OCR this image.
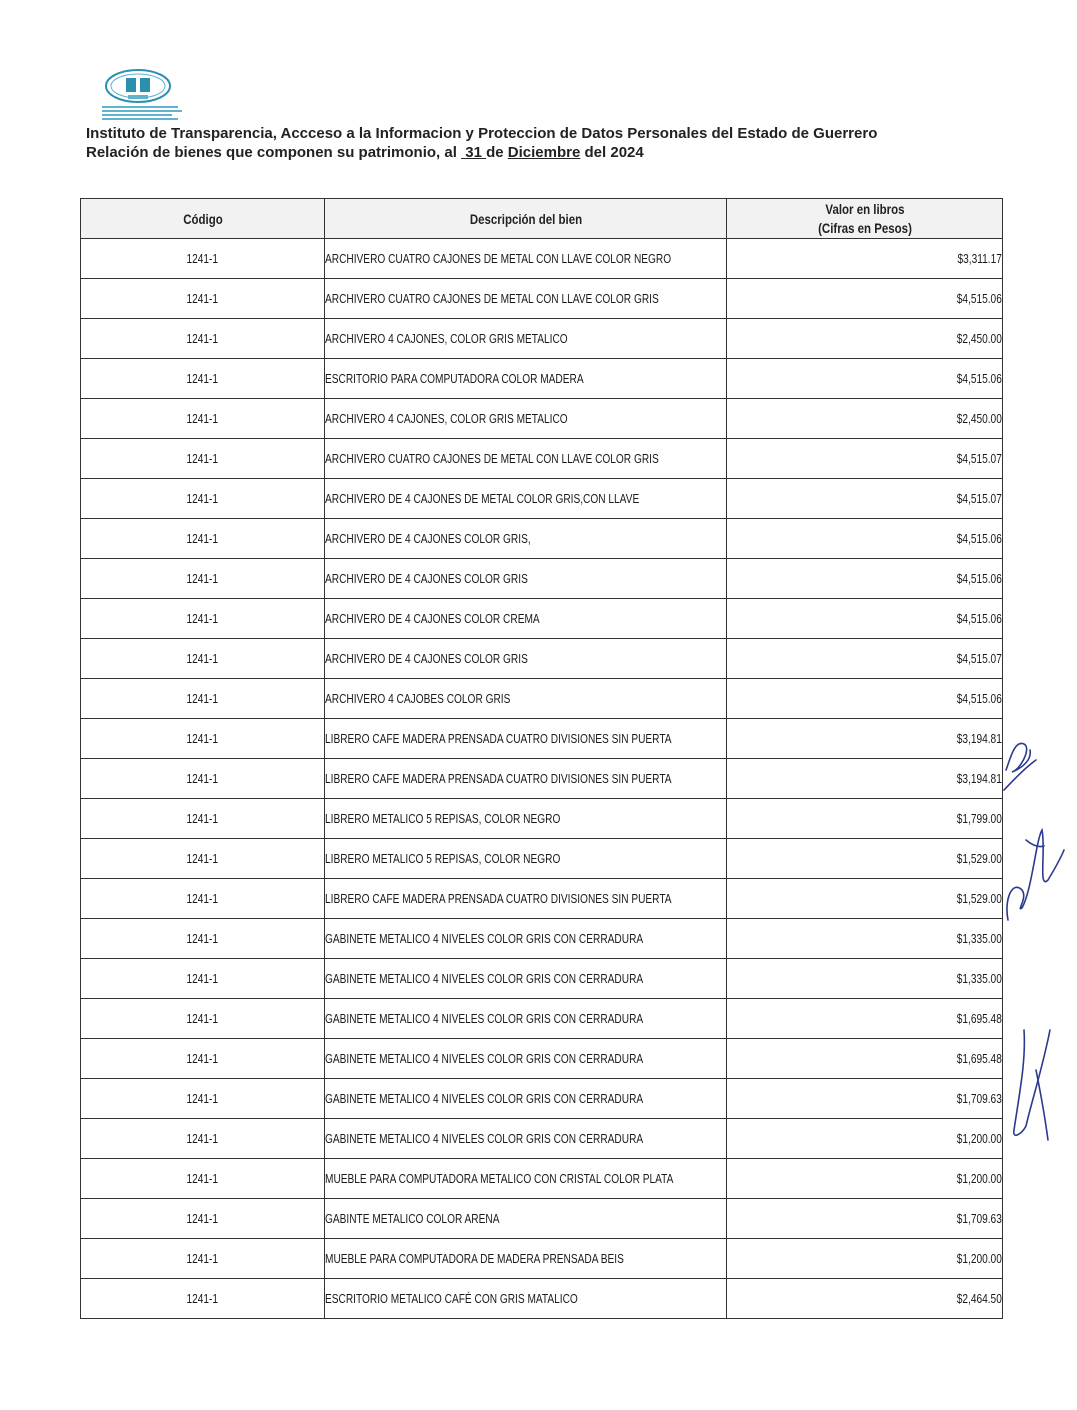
Instituto de Transparencia, Accceso a la Informacion y Proteccion de Datos Personales del Estado de Guerrero
Relación de bienes que componen su patrimonio, al 31 de Diciembre del 2024
Código	Descripción del bien	Valor en libros
(Cifras en Pesos)

1241-1	ARCHIVERO CUATRO CAJONES DE METAL CON LLAVE COLOR NEGRO	$3,311.17
1241-1	ARCHIVERO CUATRO CAJONES DE METAL CON LLAVE COLOR GRIS	$4,515.06
1241-1	ARCHIVERO 4 CAJONES, COLOR GRIS METALICO	$2,450.00
1241-1	ESCRITORIO PARA COMPUTADORA COLOR MADERA	$4,515.06
1241-1	ARCHIVERO 4 CAJONES, COLOR GRIS METALICO	$2,450.00
1241-1	ARCHIVERO CUATRO CAJONES DE METAL CON LLAVE COLOR GRIS	$4,515.07
1241-1	ARCHIVERO DE 4 CAJONES DE METAL COLOR GRIS,CON LLAVE	$4,515.07
1241-1	ARCHIVERO DE 4 CAJONES COLOR GRIS,	$4,515.06
1241-1	ARCHIVERO DE 4 CAJONES COLOR GRIS	$4,515.06
1241-1	ARCHIVERO DE 4 CAJONES COLOR CREMA	$4,515.06
1241-1	ARCHIVERO DE 4 CAJONES COLOR GRIS	$4,515.07
1241-1	ARCHIVERO 4 CAJOBES COLOR GRIS	$4,515.06
1241-1	LIBRERO CAFE MADERA PRENSADA CUATRO DIVISIONES SIN PUERTA	$3,194.81
1241-1	LIBRERO CAFE MADERA PRENSADA CUATRO DIVISIONES SIN PUERTA	$3,194.81
1241-1	LIBRERO METALICO 5 REPISAS, COLOR NEGRO	$1,799.00
1241-1	LIBRERO METALICO 5 REPISAS, COLOR NEGRO	$1,529.00
1241-1	LIBRERO CAFE MADERA PRENSADA CUATRO DIVISIONES SIN PUERTA	$1,529.00
1241-1	GABINETE METALICO 4 NIVELES COLOR GRIS CON CERRADURA	$1,335.00
1241-1	GABINETE METALICO 4 NIVELES COLOR GRIS CON CERRADURA	$1,335.00
1241-1	GABINETE METALICO 4 NIVELES COLOR GRIS CON CERRADURA	$1,695.48
1241-1	GABINETE METALICO 4 NIVELES COLOR GRIS CON CERRADURA	$1,695.48
1241-1	GABINETE METALICO 4 NIVELES COLOR GRIS CON CERRADURA	$1,709.63
1241-1	GABINETE METALICO 4 NIVELES COLOR GRIS CON CERRADURA	$1,200.00
1241-1	MUEBLE PARA COMPUTADORA METALICO CON CRISTAL COLOR PLATA	$1,200.00
1241-1	GABINTE METALICO COLOR ARENA	$1,709.63
1241-1	MUEBLE PARA COMPUTADORA DE MADERA PRENSADA BEIS	$1,200.00
1241-1	ESCRITORIO METALICO CAFÉ CON GRIS MATALICO	$2,464.50
